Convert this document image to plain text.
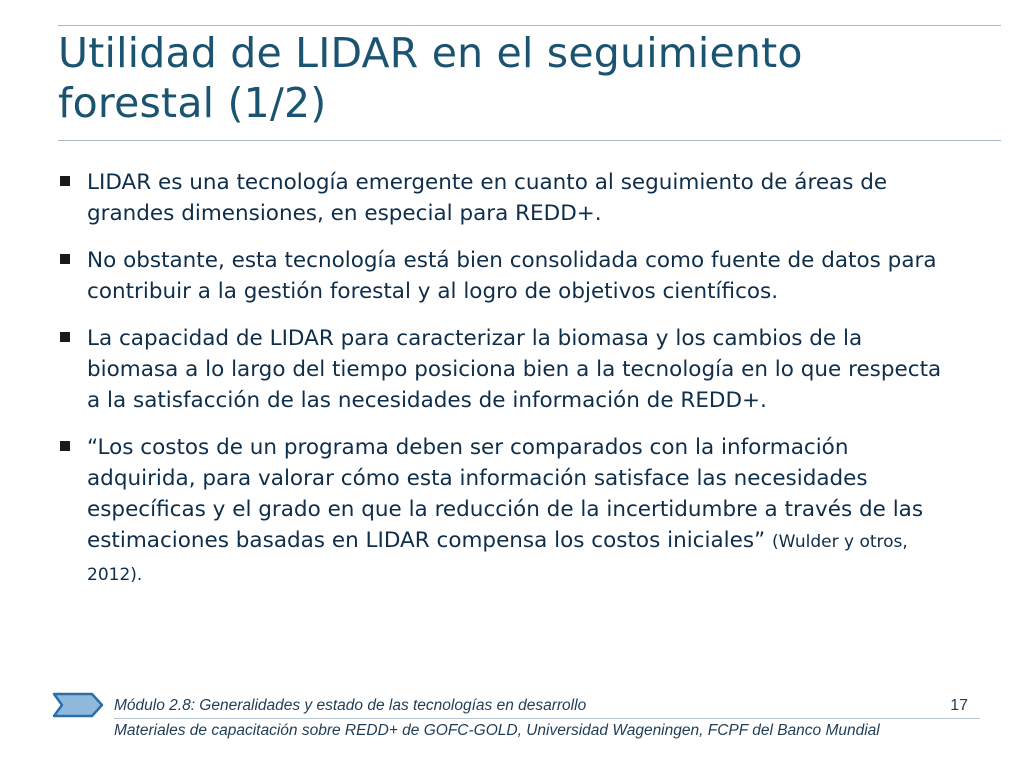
Utilidad de LIDAR en el seguimiento
forestal (1/2)
LIDAR es una tecnología emergente en cuanto al seguimiento de áreas de grandes dimensiones, en especial para REDD+.
No obstante, esta tecnología está bien consolidada como fuente de datos para contribuir a la gestión forestal y al logro de objetivos científicos.
La capacidad de LIDAR para caracterizar la biomasa y los cambios de la biomasa a lo largo del tiempo posiciona bien a la tecnología en lo que respecta a la satisfacción de las necesidades de información de REDD+.
“Los costos de un programa deben ser comparados con la información adquirida, para valorar cómo esta información satisface las necesidades específicas y el grado en que la reducción de la incertidumbre a través de las estimaciones basadas en LIDAR compensa los costos iniciales” (Wulder y otros, 2012).
Módulo 2.8: Generalidades y estado de las tecnologías en desarrollo
Materiales de capacitación sobre REDD+ de GOFC-GOLD, Universidad Wageningen, FCPF del Banco Mundial
17
